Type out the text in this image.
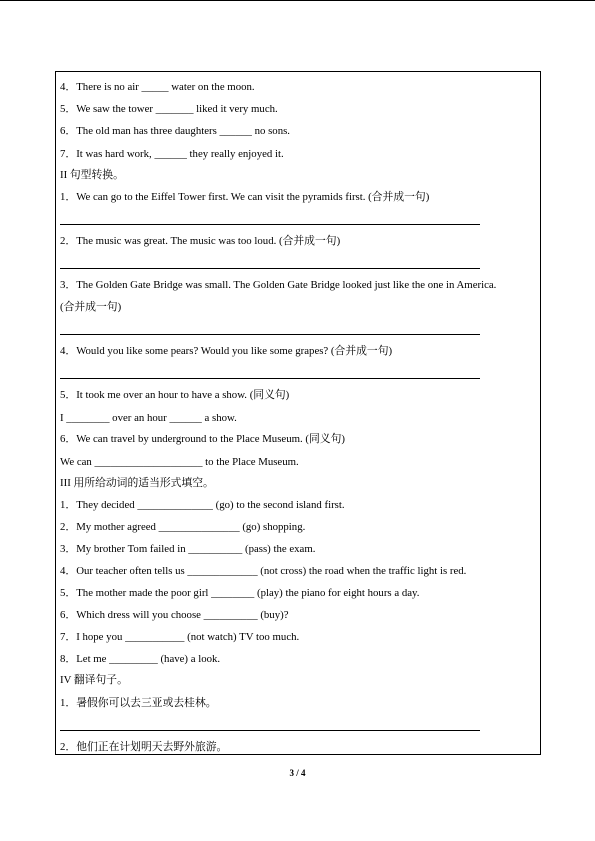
4．There is no air _____ water on the moon.
5．We saw the tower _______ liked it very much.
6．The old man has three daughters ______ no sons.
7．It was hard work, ______ they really enjoyed it.
II 句型转换。
1．We can go to the Eiffel Tower first. We can visit the pyramids first. (合并成一句)
2．The music was great. The music was too loud. (合并成一句)
3．The Golden Gate Bridge was small. The Golden Gate Bridge looked just like the one in America.
(合并成一句)
4．Would you like some pears? Would you like some grapes? (合并成一句)
5．It took me over an hour to have a show. (同义句)
I ________ over an hour ______ a show.
6．We can travel by underground to the Place Museum. (同义句)
We can ____________________ to the Place Museum.
III 用所给动词的适当形式填空。
1．They decided ______________ (go) to the second island first.
2．My mother agreed _______________ (go) shopping.
3．My brother Tom failed in __________ (pass) the exam.
4．Our teacher often tells us _____________ (not cross) the road when the traffic light is red.
5．The mother made the poor girl ________ (play) the piano for eight hours a day.
6．Which dress will you choose __________ (buy)?
7．I hope you ___________ (not watch) TV too much.
8．Let me _________ (have) a look.
IV 翻译句子。
1．暑假你可以去三亚或去桂林。
2．他们正在计划明天去野外旅游。
3 / 4
